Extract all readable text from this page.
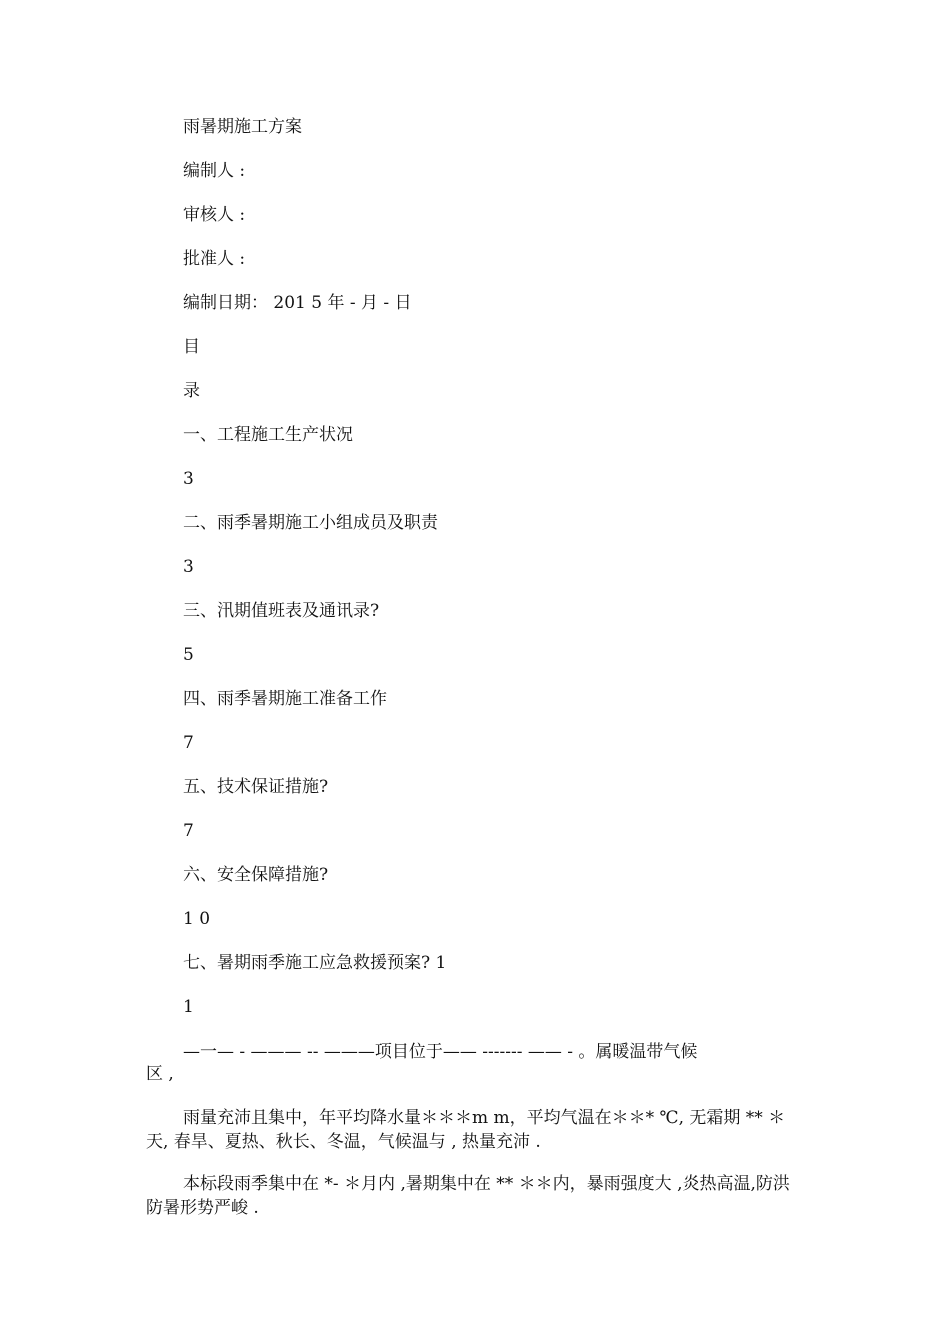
雨暑期施工方案
编制人 :
审核人 :
批准人 :
编制日期： 201 5 年 - 月 - 日
目
录
一、工程施工生产状况
3
二、雨季暑期施工小组成员及职责
3
三、汛期值班表及通讯录?
5
四、雨季暑期施工准备工作
7
五、技术保证措施?
7
六、安全保障措施?
1 0
七、暑期雨季施工应急救援预案? 1
1
—一— - ——— -- ———项目位于—— ------- —— - 。属暖温带气候
区 ,
雨量充沛且集中，年平均降水量＊＊＊m m，平均气温在＊＊* ℃, 无霜期 ** ＊天, 春旱、夏热、秋长、冬温，气候温与 , 热量充沛 .
本标段雨季集中在 *- ＊月内 ,暑期集中在 ** ＊＊内，暴雨强度大 ,炎热高温,防洪防暑形势严峻 .
